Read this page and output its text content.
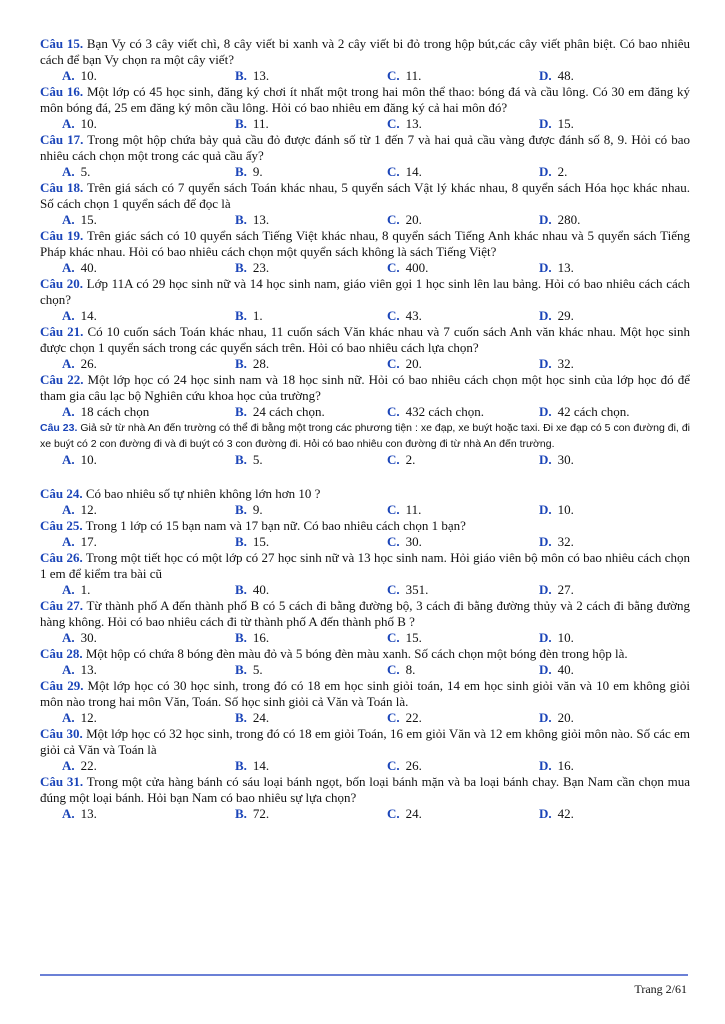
Câu 15. Bạn Vy có 3 cây viết chì, 8 cây viết bi xanh và 2 cây viết bi đỏ trong hộp bút,các cây viết phân biệt. Có bao nhiêu cách để bạn Vy chọn ra một cây viết?

A. 10.	B. 13.	C. 11.	D. 48.

Câu 16. Một lớp có 45 học sinh, đăng ký chơi ít nhất một trong hai môn thể thao: bóng đá và cầu lông. Có 30 em đăng ký môn bóng đá, 25 em đăng ký môn cầu lông. Hỏi có bao nhiêu em đăng ký cả hai môn đó?

A. 10.	B. 11.	C. 13.	D. 15.

Câu 17. Trong một hộp chứa bảy quả cầu đỏ được đánh số từ 1 đến 7 và hai quả cầu vàng được đánh số 8, 9. Hỏi có bao nhiêu cách chọn một trong các quả cầu ấy?

A. 5.	B. 9.	C. 14.	D. 2.

Câu 18. Trên giá sách có 7 quyển sách Toán khác nhau, 5 quyển sách Vật lý khác nhau, 8 quyển sách Hóa học khác nhau. Số cách chọn 1 quyển sách để đọc là

A. 15.	B. 13.	C. 20.	D. 280.

Câu 19. Trên giác sách có 10 quyển sách Tiếng Việt khác nhau, 8 quyển sách Tiếng Anh khác nhau và 5 quyển sách Tiếng Pháp khác nhau. Hỏi có bao nhiêu cách chọn một quyển sách không là sách Tiếng Việt?

A. 40.	B. 23.	C. 400.	D. 13.

Câu 20. Lớp 11A có 29 học sinh nữ và 14 học sinh nam, giáo viên gọi 1 học sinh lên lau bảng. Hỏi có bao nhiêu cách cách chọn?

A. 14.	B. 1.	C. 43.	D. 29.

Câu 21. Có 10 cuốn sách Toán khác nhau, 11 cuốn sách Văn khác nhau và 7 cuốn sách Anh văn khác nhau. Một học sinh được chọn 1 quyển sách trong các quyển sách trên. Hỏi có bao nhiêu cách lựa chọn?

A. 26.	B. 28.	C. 20.	D. 32.

Câu 22. Một lớp học có 24 học sinh nam và 18 học sinh nữ. Hỏi có bao nhiêu cách chọn một học sinh của lớp học đó để tham gia câu lạc bộ Nghiên cứu khoa học của trường?

A. 18 cách chọn	B. 24 cách chọn.	C. 432 cách chọn.	D. 42 cách chọn.

Câu 23. Giả sử từ nhà An đến trường có thể đi bằng một trong các phương tiện : xe đạp, xe buýt hoặc taxi. Đi xe đạp có 5 con đường đi, đi xe buýt có 2 con đường đi và đi buýt có 3 con đường đi. Hỏi có bao nhiêu con đường đi từ nhà An đến trường.

A. 10.	B. 5.	C. 2.	D. 30.

Câu 24. Có bao nhiêu số tự nhiên không lớn hơn 10 ?

A. 12.	B. 9.	C. 11.	D. 10.

Câu 25. Trong 1 lớp có 15 bạn nam và 17 bạn nữ. Có bao nhiêu cách chọn 1 bạn?

A. 17.	B. 15.	C. 30.	D. 32.

Câu 26. Trong một tiết học có một lớp có 27 học sinh nữ và 13 học sinh nam. Hỏi giáo viên bộ môn có bao nhiêu cách chọn 1 em để kiểm tra bài cũ

A. 1.	B. 40.	C. 351.	D. 27.

Câu 27. Từ thành phố A đến thành phố B có 5 cách đi bằng đường bộ, 3 cách đi bằng đường thủy và 2 cách đi bằng đường hàng không. Hỏi có bao nhiêu cách đi từ thành phố A đến thành phố B ?

A. 30.	B. 16.	C. 15.	D. 10.

Câu 28. Một hộp có chứa 8 bóng đèn màu đỏ và 5 bóng đèn màu xanh. Số cách chọn một bóng đèn trong hộp là.

A. 13.	B. 5.	C. 8.	D. 40.

Câu 29. Một lớp học có 30 học sinh, trong đó có 18 em học sinh giỏi toán, 14 em học sinh giỏi văn và 10 em không giỏi môn nào trong hai môn Văn, Toán. Số học sinh giỏi cả Văn và Toán là.

A. 12.	B. 24.	C. 22.	D. 20.

Câu 30. Một lớp học có 32 học sinh, trong đó có 18 em giỏi Toán, 16 em giỏi Văn và 12 em không giỏi môn nào. Số các em giỏi cả Văn và Toán là

A. 22.	B. 14.	C. 26.	D. 16.

Câu 31. Trong một cửa hàng bánh có sáu loại bánh ngọt, bốn loại bánh mặn và ba loại bánh chay. Bạn Nam cần chọn mua đúng một loại bánh. Hỏi bạn Nam có bao nhiêu sự lựa chọn?

A. 13.	B. 72.	C. 24.	D. 42.
Trang 2/61
